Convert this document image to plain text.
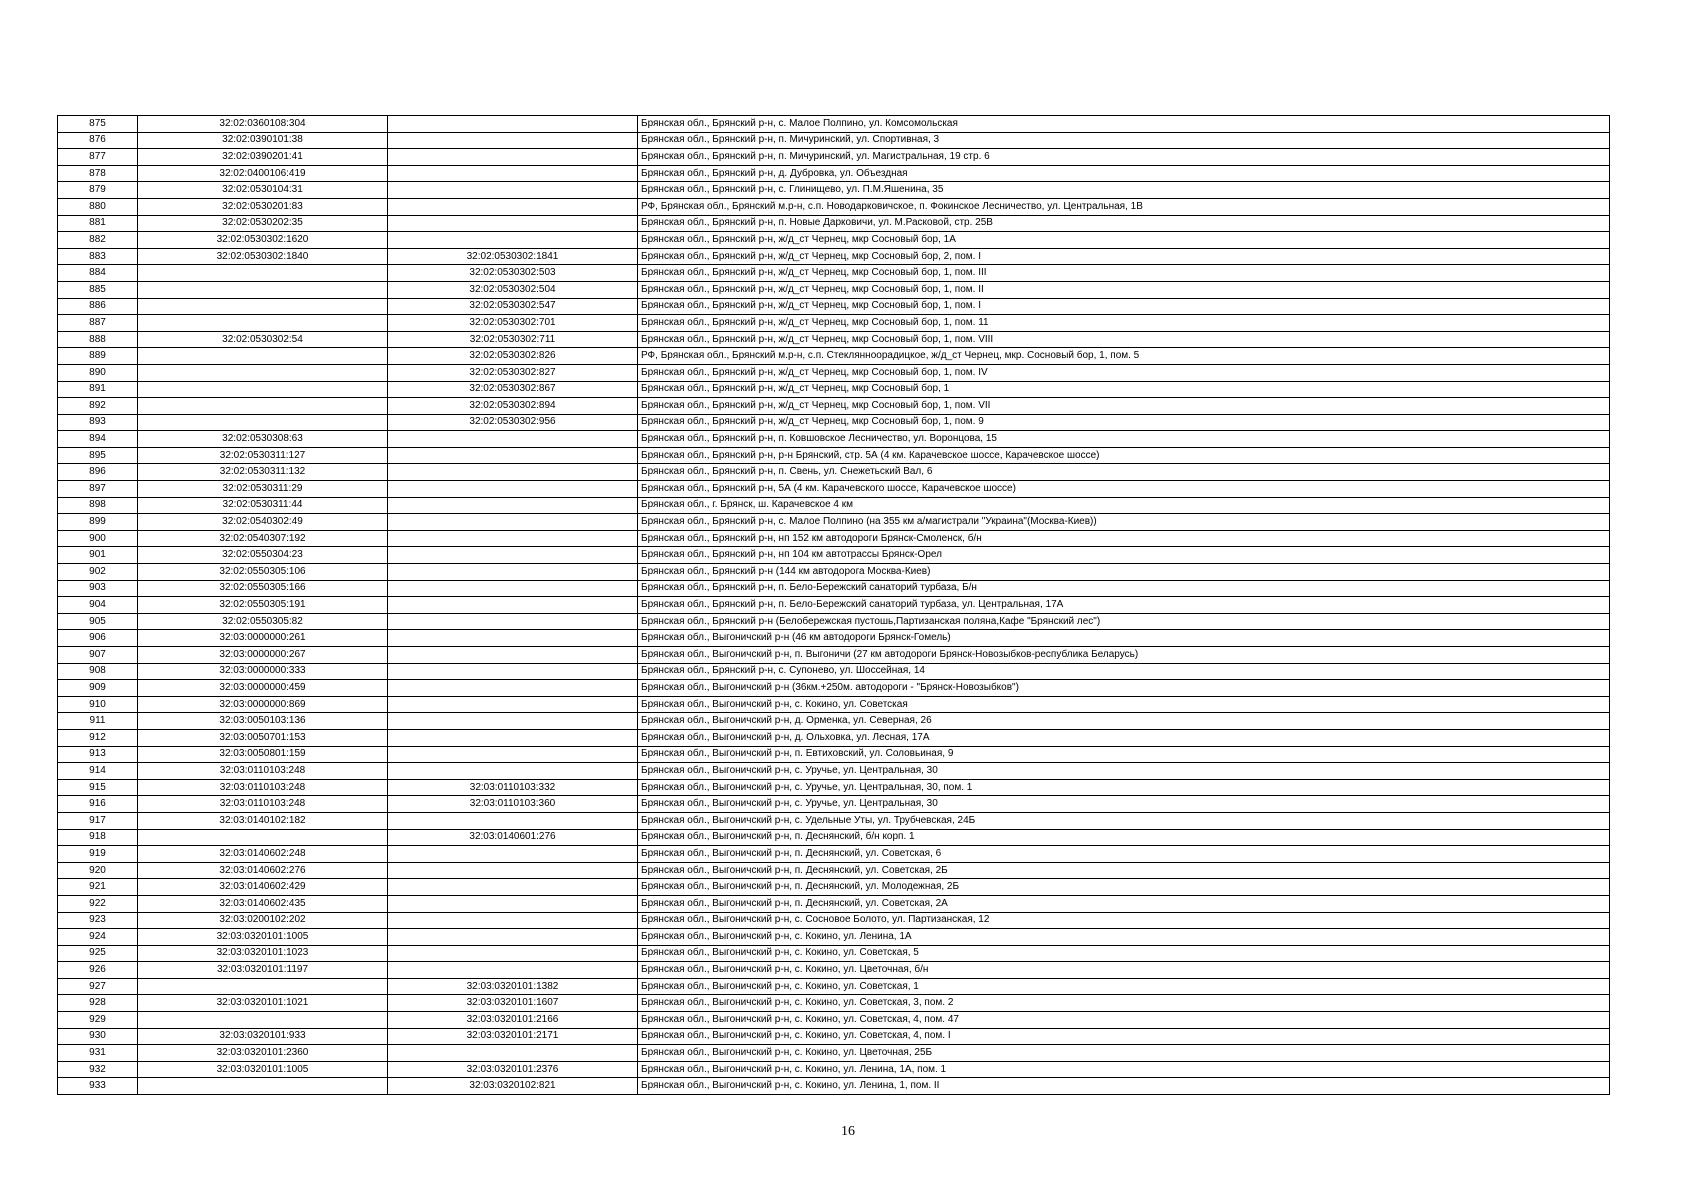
875	32:02:0360108:304		Брянская обл., Брянский р-н, с. Малое Полпино, ул. Комсомольская
876	32:02:0390101:38		Брянская обл., Брянский р-н, п. Мичуринский, ул. Спортивная, 3
877	32:02:0390201:41		Брянская обл., Брянский р-н, п. Мичуринский, ул. Магистральная, 19 стр. 6
878	32:02:0400106:419		Брянская обл., Брянский р-н, д. Дубровка, ул. Объездная
879	32:02:0530104:31		Брянская обл., Брянский р-н, с. Глинищево, ул. П.М.Яшенина, 35
880	32:02:0530201:83		РФ, Брянская обл., Брянский м.р-н, с.п. Новодарковичское, п. Фокинское Лесничество, ул. Центральная, 1В
881	32:02:0530202:35		Брянская обл., Брянский р-н, п. Новые Дарковичи, ул. М.Расковой, стр. 25В
882	32:02:0530302:1620		Брянская обл., Брянский р-н, ж/д_ст Чернец, мкр Сосновый бор, 1А
883	32:02:0530302:1840	32:02:0530302:1841	Брянская обл., Брянский р-н, ж/д_ст Чернец, мкр Сосновый бор, 2, пом. I
884		32:02:0530302:503	Брянская обл., Брянский р-н, ж/д_ст Чернец, мкр Сосновый бор, 1, пом. III
885		32:02:0530302:504	Брянская обл., Брянский р-н, ж/д_ст Чернец, мкр Сосновый бор, 1, пом. II
886		32:02:0530302:547	Брянская обл., Брянский р-н, ж/д_ст Чернец, мкр Сосновый бор, 1, пом. I
887		32:02:0530302:701	Брянская обл., Брянский р-н, ж/д_ст Чернец, мкр Сосновый бор, 1, пом. 11
888	32:02:0530302:54	32:02:0530302:711	Брянская обл., Брянский р-н, ж/д_ст Чернец, мкр Сосновый бор, 1, пом. VIII
889		32:02:0530302:826	РФ, Брянская обл., Брянский м.р-н, с.п. Стеклянноорадицкое, ж/д_ст Чернец, мкр. Сосновый бор, 1, пом. 5
890		32:02:0530302:827	Брянская обл., Брянский р-н, ж/д_ст Чернец, мкр Сосновый бор, 1, пом. IV
891		32:02:0530302:867	Брянская обл., Брянский р-н, ж/д_ст Чернец, мкр Сосновый бор, 1
892		32:02:0530302:894	Брянская обл., Брянский р-н, ж/д_ст Чернец, мкр Сосновый бор, 1, пом. VII
893		32:02:0530302:956	Брянская обл., Брянский р-н, ж/д_ст Чернец, мкр Сосновый бор, 1, пом. 9
894	32:02:0530308:63		Брянская обл., Брянский р-н, п. Ковшовское Лесничество, ул. Воронцова, 15
895	32:02:0530311:127		Брянская обл., Брянский р-н, р-н Брянский, стр. 5А (4 км. Карачевское шоссе, Карачевское шоссе)
896	32:02:0530311:132		Брянская обл., Брянский р-н, п. Свень, ул. Снежетьский Вал, 6
897	32:02:0530311:29		Брянская обл., Брянский р-н, 5А (4 км. Карачевского шоссе, Карачевское шоссе)
898	32:02:0530311:44		Брянская обл., г. Брянск, ш. Карачевское 4 км
899	32:02:0540302:49		Брянская обл., Брянский р-н, с. Малое Полпино (на 355 км а/магистрали "Украина"(Москва-Киев))
900	32:02:0540307:192		Брянская обл., Брянский р-н, нп 152 км автодороги Брянск-Смоленск, б/н
901	32:02:0550304:23		Брянская обл., Брянский р-н, нп 104 км автотрассы Брянск-Орел
902	32:02:0550305:106		Брянская обл., Брянский р-н (144 км автодорога Москва-Киев)
903	32:02:0550305:166		Брянская обл., Брянский р-н, п. Бело-Бережский санаторий турбаза, Б/н
904	32:02:0550305:191		Брянская обл., Брянский р-н, п. Бело-Бережский санаторий турбаза, ул. Центральная, 17А
905	32:02:0550305:82		Брянская обл., Брянский р-н (Белобережская пустошь,Партизанская поляна,Кафе "Брянский лес")
906	32:03:0000000:261		Брянская обл., Выгоничский р-н (46 км автодороги Брянск-Гомель)
907	32:03:0000000:267		Брянская обл., Выгоничский р-н, п. Выгоничи (27 км автодороги Брянск-Новозыбков-республика Беларусь)
908	32:03:0000000:333		Брянская обл., Брянский р-н, с. Супонево, ул. Шоссейная, 14
909	32:03:0000000:459		Брянская обл., Выгоничский р-н (36км.+250м. автодороги - "Брянск-Новозыбков")
910	32:03:0000000:869		Брянская обл., Выгоничский р-н, с. Кокино, ул. Советская
911	32:03:0050103:136		Брянская обл., Выгоничский р-н, д. Орменка, ул. Северная, 26
912	32:03:0050701:153		Брянская обл., Выгоничский р-н, д. Ольховка, ул. Лесная, 17А
913	32:03:0050801:159		Брянская обл., Выгоничский р-н, п. Евтиховский, ул. Соловьиная, 9
914	32:03:0110103:248		Брянская обл., Выгоничский р-н, с. Уручье, ул. Центральная, 30
915	32:03:0110103:248	32:03:0110103:332	Брянская обл., Выгоничский р-н, с. Уручье, ул. Центральная, 30, пом. 1
916	32:03:0110103:248	32:03:0110103:360	Брянская обл., Выгоничский р-н, с. Уручье, ул. Центральная, 30
917	32:03:0140102:182		Брянская обл., Выгоничский р-н, с. Удельные Уты, ул. Трубчевская, 24Б
918		32:03:0140601:276	Брянская обл., Выгоничский р-н, п. Деснянский, б/н корп. 1
919	32:03:0140602:248		Брянская обл., Выгоничский р-н, п. Деснянский, ул. Советская, 6
920	32:03:0140602:276		Брянская обл., Выгоничский р-н, п. Деснянский, ул. Советская, 2Б
921	32:03:0140602:429		Брянская обл., Выгоничский р-н, п. Деснянский, ул. Молодежная, 2Б
922	32:03:0140602:435		Брянская обл., Выгоничский р-н, п. Деснянский, ул. Советская, 2А
923	32:03:0200102:202		Брянская обл., Выгоничский р-н, с. Сосновое Болото, ул. Партизанская, 12
924	32:03:0320101:1005		Брянская обл., Выгоничский р-н, с. Кокино, ул. Ленина, 1А
925	32:03:0320101:1023		Брянская обл., Выгоничский р-н, с. Кокино, ул. Советская, 5
926	32:03:0320101:1197		Брянская обл., Выгоничский р-н, с. Кокино, ул. Цветочная, б/н
927		32:03:0320101:1382	Брянская обл., Выгоничский р-н, с. Кокино, ул. Советская, 1
928	32:03:0320101:1021	32:03:0320101:1607	Брянская обл., Выгоничский р-н, с. Кокино, ул. Советская, 3, пом. 2
929		32:03:0320101:2166	Брянская обл., Выгоничский р-н, с. Кокино, ул. Советская, 4, пом. 47
930	32:03:0320101:933	32:03:0320101:2171	Брянская обл., Выгоничский р-н, с. Кокино, ул. Советская, 4, пом. I
931	32:03:0320101:2360		Брянская обл., Выгоничский р-н, с. Кокино, ул. Цветочная, 25Б
932	32:03:0320101:1005	32:03:0320101:2376	Брянская обл., Выгоничский р-н, с. Кокино, ул. Ленина, 1А, пом. 1
933		32:03:0320102:821	Брянская обл., Выгоничский р-н, с. Кокино, ул. Ленина, 1, пом. II
16
